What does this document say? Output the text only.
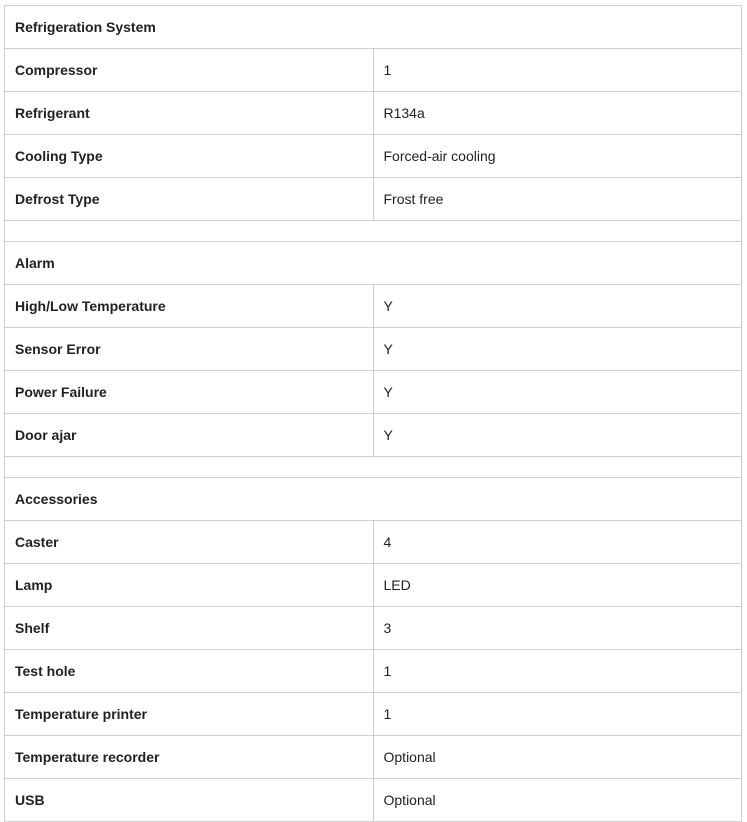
Refrigeration System	
Compressor	1
Refrigerant	R134a
Cooling Type	Forced-air cooling
Defrost Type	Frost free

Alarm	
High/Low Temperature	Y
Sensor Error	Y
Power Failure	Y
Door ajar	Y

Accessories	
Caster	4
Lamp	LED
Shelf	3
Test hole	1
Temperature printer	1
Temperature recorder	Optional
USB	Optional
